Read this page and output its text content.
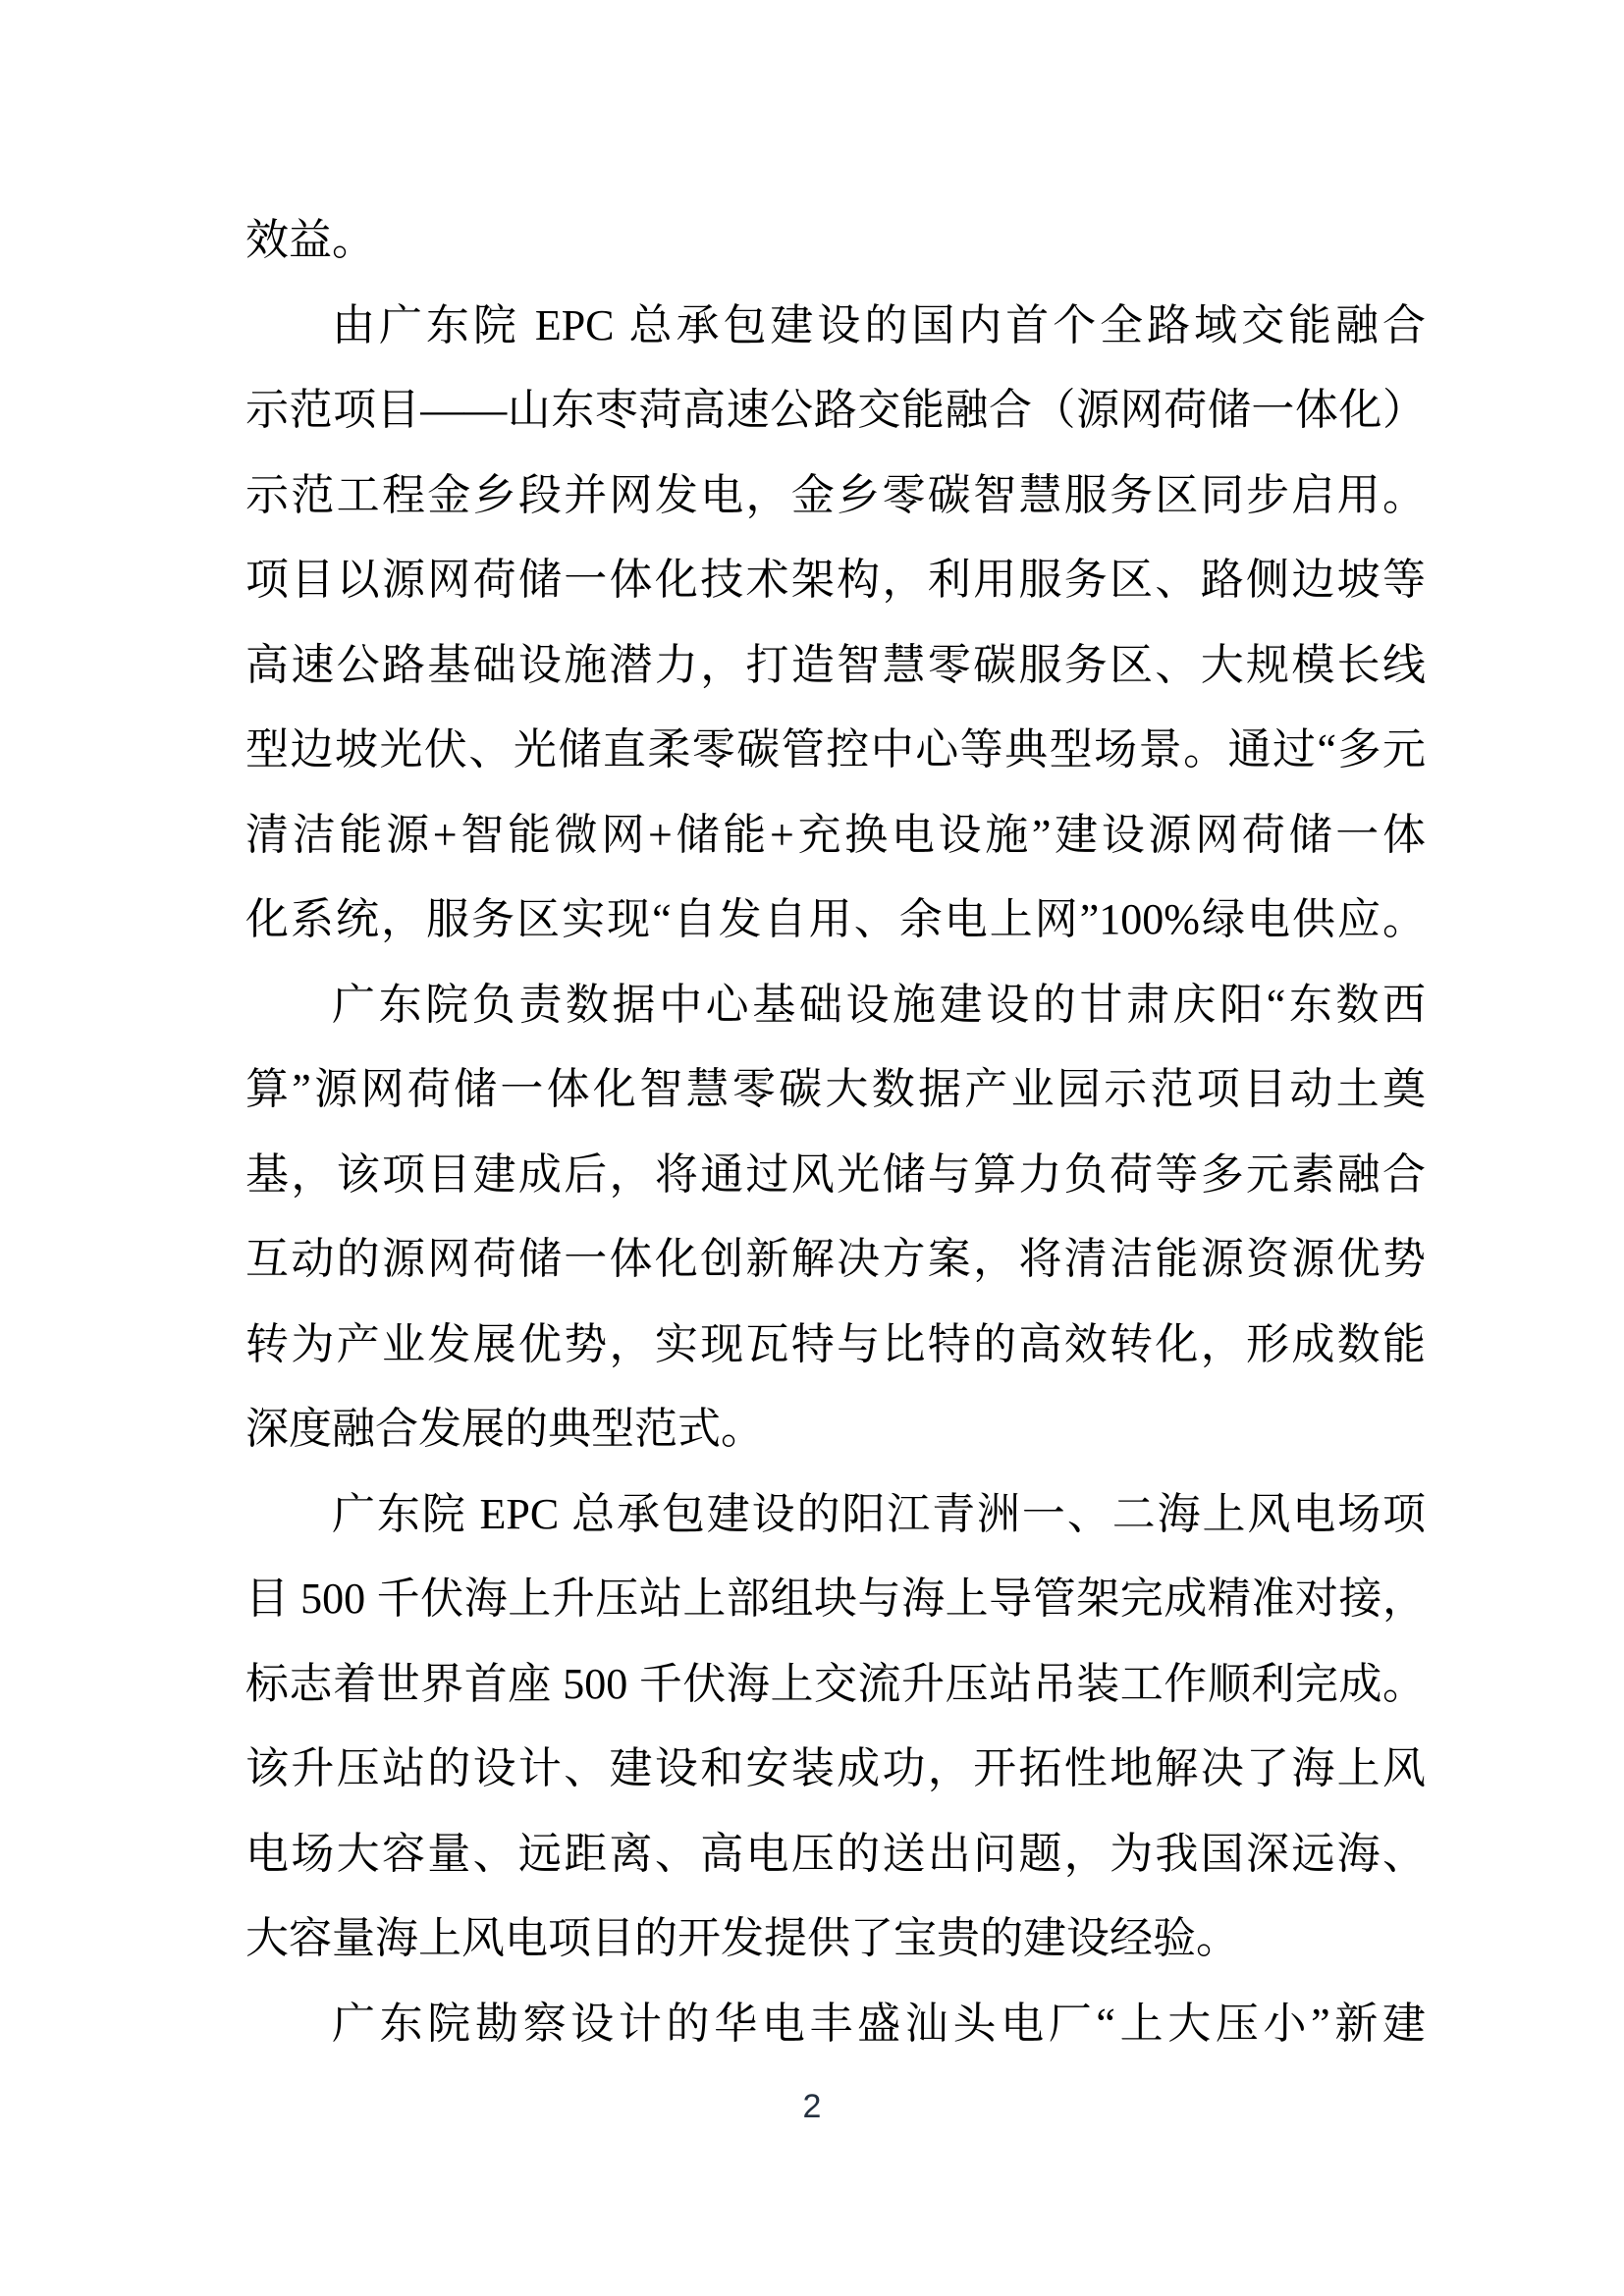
效益。
由广东院 EPC 总承包建设的国内首个全路域交能融合
示范项目——山东枣菏高速公路交能融合（源网荷储一体化）
示范工程金乡段并网发电，金乡零碳智慧服务区同步启用。
项目以源网荷储一体化技术架构，利用服务区、路侧边坡等
高速公路基础设施潜力，打造智慧零碳服务区、大规模长线
型边坡光伏、光储直柔零碳管控中心等典型场景。通过“多元
清洁能源+智能微网+储能+充换电设施”建设源网荷储一体
化系统，服务区实现“自发自用、余电上网”100%绿电供应。
广东院负责数据中心基础设施建设的甘肃庆阳“东数西
算”源网荷储一体化智慧零碳大数据产业园示范项目动土奠
基，该项目建成后，将通过风光储与算力负荷等多元素融合
互动的源网荷储一体化创新解决方案，将清洁能源资源优势
转为产业发展优势，实现瓦特与比特的高效转化，形成数能
深度融合发展的典型范式。
广东院 EPC 总承包建设的阳江青洲一、二海上风电场项
目 500 千伏海上升压站上部组块与海上导管架完成精准对接，
标志着世界首座 500 千伏海上交流升压站吊装工作顺利完成。
该升压站的设计、建设和安装成功，开拓性地解决了海上风
电场大容量、远距离、高电压的送出问题，为我国深远海、
大容量海上风电项目的开发提供了宝贵的建设经验。
广东院勘察设计的华电丰盛汕头电厂“上大压小”新建
2
